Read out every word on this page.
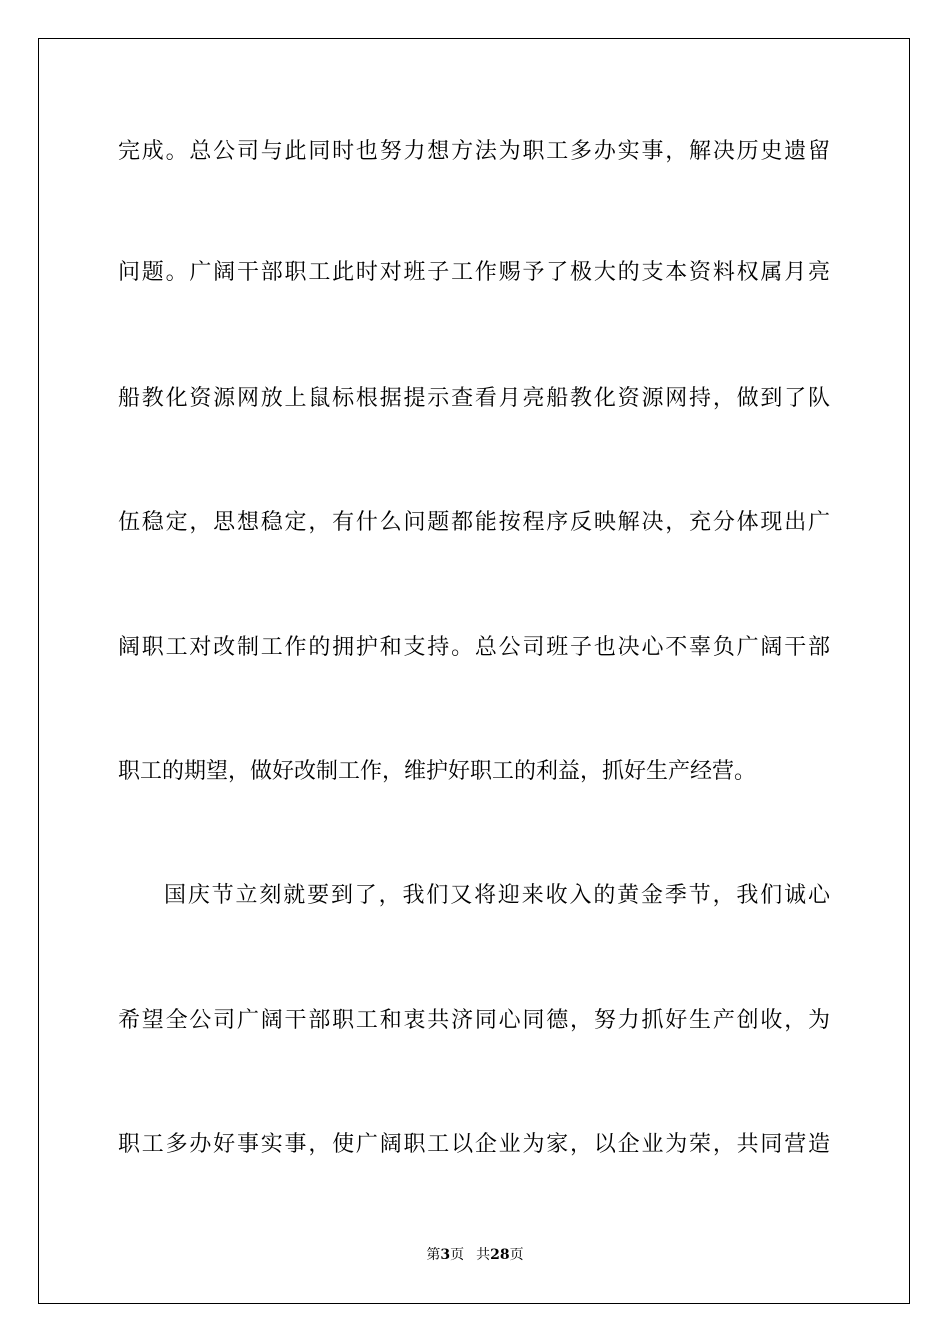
完成。总公司与此同时也努力想方法为职工多办实事，解决历史遗留
问题。广阔干部职工此时对班子工作赐予了极大的支本资料权属月亮
船教化资源网放上鼠标根据提示查看月亮船教化资源网持，做到了队
伍稳定，思想稳定，有什么问题都能按程序反映解决，充分体现出广
阔职工对改制工作的拥护和支持。总公司班子也决心不辜负广阔干部
职工的期望，做好改制工作，维护好职工的利益，抓好生产经营。
国庆节立刻就要到了，我们又将迎来收入的黄金季节，我们诚心
希望全公司广阔干部职工和衷共济同心同德，努力抓好生产创收，为
职工多办好事实事，使广阔职工以企业为家，以企业为荣，共同营造
第3页 共28页
